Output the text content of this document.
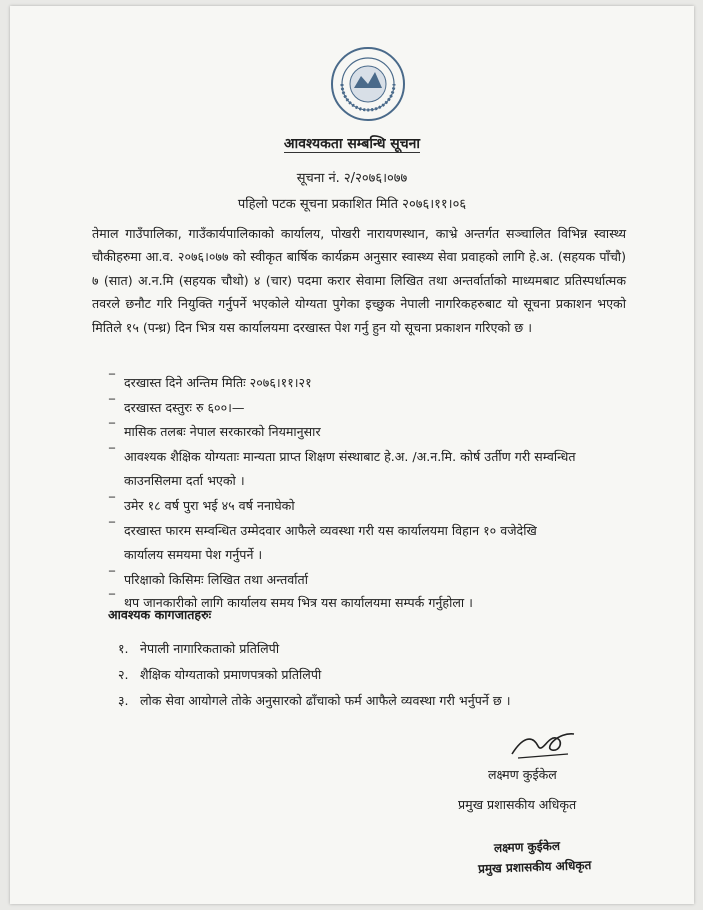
आवश्यकता सम्बन्धि सूचना
सूचना नं. २/२०७६।०७७
पहिलो पटक सूचना प्रकाशित मिति २०७६।११।०६
तेमाल गाउँपालिका, गाउँकार्यपालिकाको कार्यालय, पोखरी नारायणस्थान, काभ्रे अन्तर्गत सञ्चालित विभिन्न स्वास्थ्य चौकीहरुमा आ.व. २०७६।०७७ को स्वीकृत बार्षिक कार्यक्रम अनुसार स्वास्थ्य सेवा प्रवाहको लागि हे.अ. (सहयक पाँचौ) ७ (सात) अ.न.मि (सहयक चौथो) ४ (चार) पदमा करार सेवामा लिखित तथा अन्तर्वार्ताको माध्यमबाट प्रतिस्पर्धात्मक तवरले छनौट गरि नियुक्ति गर्नुपर्ने भएकोले योग्यता पुगेका इच्छुक नेपाली नागरिकहरुबाट यो सूचना प्रकाशन भएको मितिले १५ (पन्ध्र) दिन भित्र यस कार्यालयमा दरखास्त पेश गर्नु हुन यो सूचना प्रकाशन गरिएको छ ।
‾ दरखास्त दिने अन्तिम मितिः २०७६।११।२१
‾ दरखास्त दस्तुरः रु ६००।—
‾ मासिक तलबः नेपाल सरकारको नियमानुसार
‾ आवश्यक शैक्षिक योग्यताः मान्यता प्राप्त शिक्षण संस्थाबाट हे.अ. /अ.न.मि. कोर्ष उर्तीण गरी सम्वन्धित
काउनसिलमा दर्ता भएको ।
‾ उमेर १८ वर्ष पुरा भई ४५ वर्ष ननाघेको
‾ दरखास्त फारम सम्वन्धित उम्मेदवार आफैले व्यवस्था गरी यस कार्यालयमा विहान १० वजेदेखि
कार्यालय समयमा पेश गर्नुपर्ने ।
‾ परिक्षाको किसिमः लिखित तथा अन्तर्वार्ता
‾ थप जानकारीको लागि कार्यालय समय भित्र यस कार्यालयमा सम्पर्क गर्नुहोला ।
आवश्यक कागजातहरुः
१. नेपाली नागारिकताको प्रतिलिपी
२. शैक्षिक योग्यताको प्रमाणपत्रको प्रतिलिपी
३. लोक सेवा आयोगले तोके अनुसारको ढाँचाको फर्म आफैले व्यवस्था गरी भर्नुपर्ने छ ।
लक्ष्मण कुईकेल
प्रमुख प्रशासकीय अधिकृत
लक्ष्मण कुईकेल
प्रमुख प्रशासकीय अधिकृत
